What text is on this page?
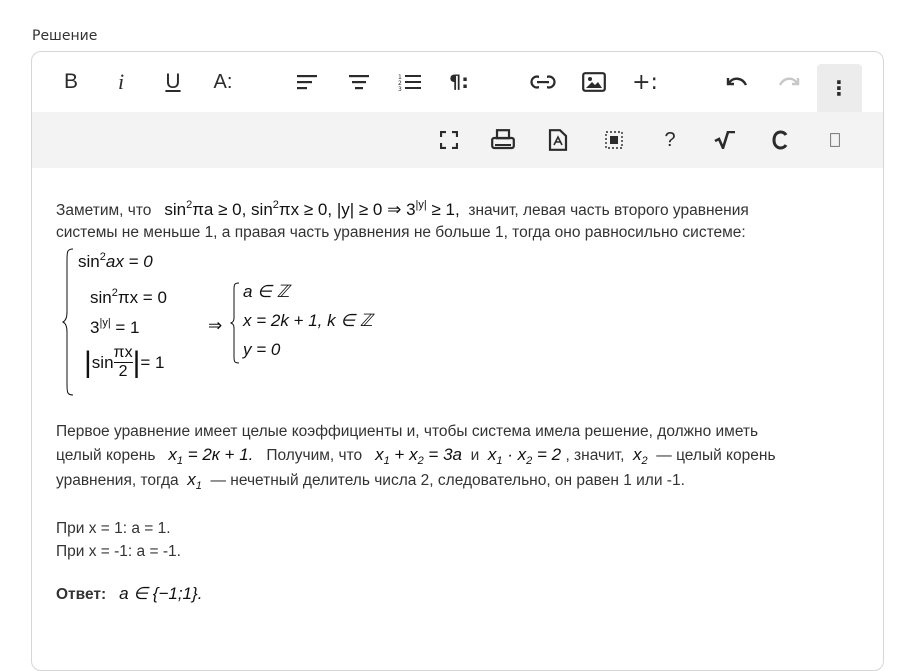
Решение
B i U A:	1
2
3 ¶:	+:	⋮
?
Заметим, что $\sin^2\pi a \ge 0$, $\sin^2\pi x \ge 0$, |y| ≥ 0 ⇒ $3^{|y|} \ge 1$, значит, левая часть второго уравнения
системы не меньше 1, а правая часть уравнения не больше 1, тогда оно равносильно системе:
$\sin^2ax = 0$
$\sin^2\pi x = 0$
$3^{|y|} = 1$
| $\sin \frac{\pi x}{2}$ | = 1
⇒
a ∈ ℤ
x = 2k + 1, k ∈ ℤ
y = 0
Первое уравнение имеет целые коэффициенты и, чтобы система имела решение, должно иметь
целый корень $x_1 = 2к + 1$. Получим, что $x_1 + x_2 = 3a$ и $x_1 \cdot x_2 = 2$ , значит, $x_2$ — целый корень
уравнения, тогда $x_1$ — нечетный делитель числа 2, следовательно, он равен 1 или -1.
При x = 1: a = 1.
При x = -1: a = -1.
Ответ: a ∈ {−1;1}.
